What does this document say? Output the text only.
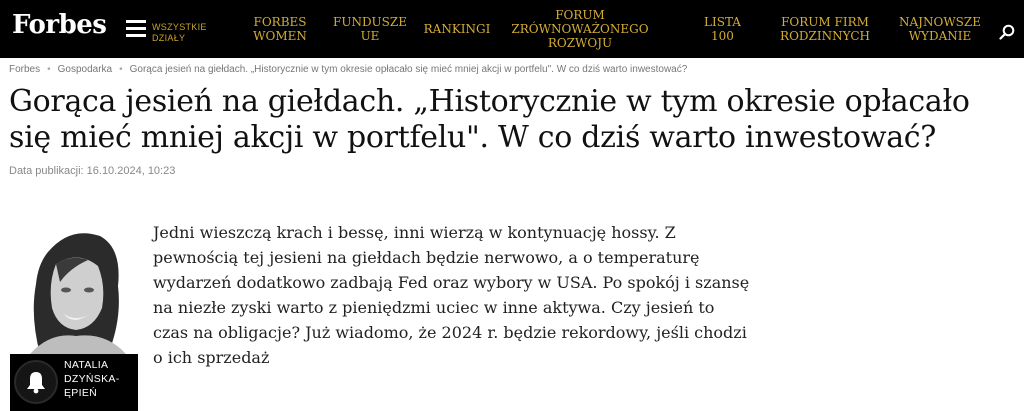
Forbes	WSZYSTKIE
DZIAŁY
FORBES
WOMEN
FUNDUSZE
UE	RANKINGI
FORUM
ZRÓWNOWAŻONEGO
ROZWOJU
LISTA
100
FORUM FIRM
RODZINNYCH
NAJNOWSZE
WYDANIE
Forbes • Gospodarka • Gorąca jesień na giełdach. „Historycznie w tym okresie opłacało się mieć mniej akcji w portfelu". W co dziś warto inwestować?
Gorąca jesień na giełdach. „Historycznie w tym okresie opłacało się mieć mniej akcji w portfelu". W co dziś warto inwestować?
Data publikacji: 16.10.2024, 10:23
NATALIA
DZYŃSKA-
ĘPIEŃ

Jedni wieszczą krach i bessę, inni wierzą w kontynuację hossy. Z pewnością tej jesieni na giełdach będzie nerwowo, a o temperaturę wydarzeń dodatkowo zadbają Fed oraz wybory w USA. Po spokój i szansę na niezłe zyski warto z pieniędzmi uciec w inne aktywa. Czy jesień to czas na obligacje? Już wiadomo, że 2024 r. będzie rekordowy, jeśli chodzi o ich sprzedaż
